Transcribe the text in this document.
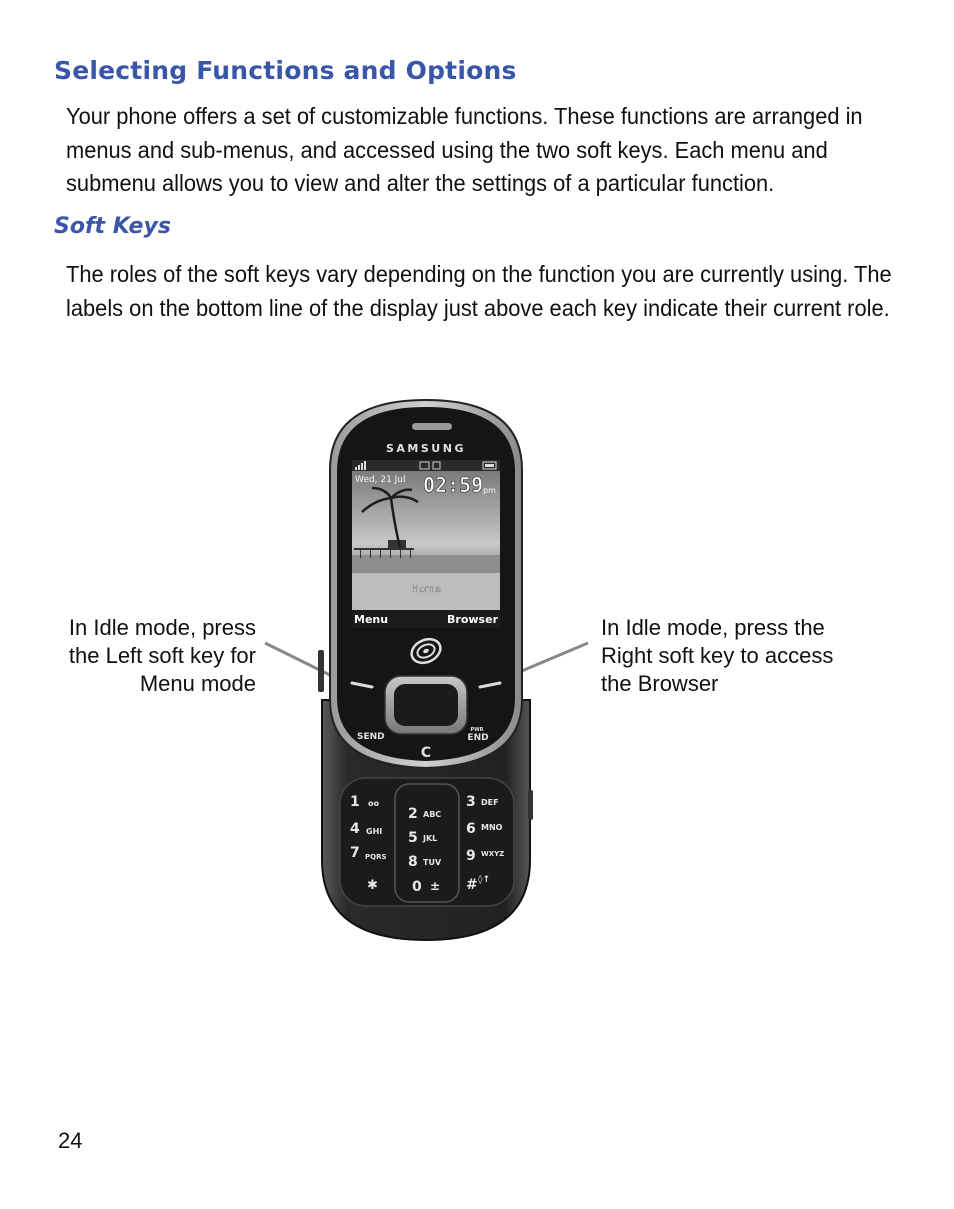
Selecting Functions and Options

Your phone offers a set of customizable functions. These functions are arranged in menus and sub-menus, and accessed using the two soft keys. Each menu and submenu allows you to view and alter the settings of a particular function.

Soft Keys

The roles of the soft keys vary depending on the function you are currently using. The labels on the bottom line of the display just above each key indicate their current role.

In Idle mode, press the Left soft key for Menu mode

In Idle mode, press the Right soft key to access the Browser

SAMSUNG
Wed, 21 Jul 02:59 pm
Home
Menu	Browser
SEND
PWR
END
C
1 oo
2 ABC
3 DEF
4 GHI 5 JKL
6 MNO
7 PQRS 8 TUV 9 WXYZ
✱ 0 ± # ◊↑
24
